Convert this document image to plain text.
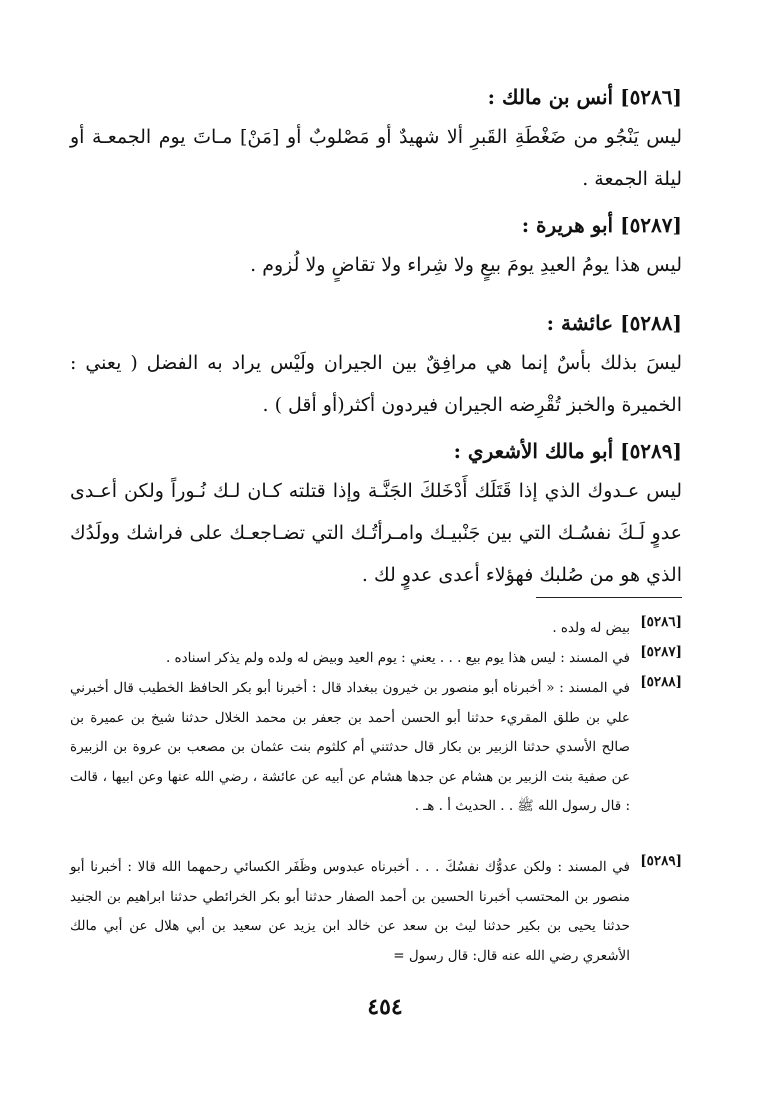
[٥٢٨٦] أنس بن مالك :
ليس يَنْجُو من ضَغْطَةِ القَبرِ ألا شهيدٌ أو مَصْلوبٌ أو [مَنْ] مـاتَ يوم الجمعـة أو ليلة الجمعة .
[٥٢٨٧] أبو هريرة :
ليس هذا يومُ العيدِ يومَ بيعٍ ولا شِراء ولا تقاضٍ ولا لُزوم .
[٥٢٨٨] عائشة :
ليسَ بذلك بأسٌ إنما هي مرافِقٌ بين الجيران ولَيْس يراد به الفضل ( يعني : الخميرة والخبز تُقْرِضه الجيران فيردون أكثر(أو أقل ) .
[٥٢٨٩] أبو مالك الأشعري :
ليس عـدوك الذي إذا قَتَلَك أَدْخَلكَ الجَنَّـة وإذا قتلته كـان لـك نُـوراً ولكن أعـدى عدوٍ لَـكَ نفسُـك التي بين جَنْبيـك وامـرأتُـك التي تضـاجعـك على فراشك وولَدُك الذي هو من صُلبك فهؤلاء أعدى عدوٍ لك .
[٥٢٨٦]
بيض له ولده .
[٥٢٨٧]
في المسند : ليس هذا يوم بيع . . . يعني : يوم العيد وبيض له ولده ولم يذكر اسناده .
[٥٢٨٨]
في المسند : « أخبرناه أبو منصور بن خيرون ببغداد قال : أخبرنا أبو بكر الحافظ الخطيب قال أخبرني علي بن طلق المقريء حدثنا أبو الحسن أحمد بن جعفر بن محمد الخلال حدثنا شيخ بن عميرة بن صالح الأسدي حدثنا الزبير بن بكار قال حدثتني أم كلثوم بنت عثمان بن مصعب بن عروة بن الزبيرة عن صفية بنت الزبير بن هشام عن جدها هشام عن أبيه عن عائشة ، رضي الله عنها وعن ابيها ، قالت : قال رسول الله ﷺ . . الحديث أ . هـ .
[٥٢٨٩]
في المسند : ولكن عدوُّك نفسُكَ . . . أخبرناه عبدوس وظَفَر الكسائي رحمهما الله قالا : أخبرنا أبو منصور بن المحتسب أخبرنا الحسين بن أحمد الصفار حدثنا أبو بكر الخرائطي حدثنا ابراهيم بن الجنيد حدثنا يحيى بن بكير حدثنا ليث بن سعد عن خالد ابن يزيد عن سعيد بن أبي هلال عن أبي مالك الأشعري رضي الله عنه قال: قال رسول =
٤٥٤
